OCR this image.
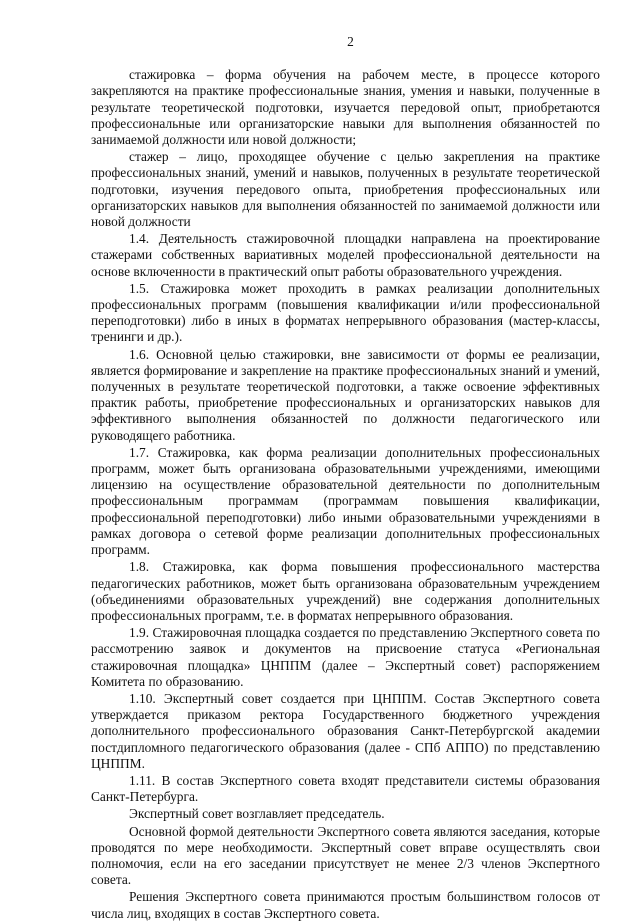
2

стажировка – форма обучения на рабочем месте, в процессе которого закрепляются на практике профессиональные знания, умения и навыки, полученные в результате теоретической подготовки, изучается передовой опыт, приобретаются профессиональные или организаторские навыки для выполнения обязанностей по занимаемой должности или новой должности;

стажер – лицо, проходящее обучение с целью закрепления на практике профессиональных знаний, умений и навыков, полученных в результате теоретической подготовки, изучения передового опыта, приобретения профессиональных или организаторских навыков для выполнения обязанностей по занимаемой должности или новой должности

1.4. Деятельность стажировочной площадки направлена на проектирование стажерами собственных вариативных моделей профессиональной деятельности на основе включенности в практический опыт работы образовательного учреждения.

1.5. Стажировка может проходить в рамках реализации дополнительных профессиональных программ (повышения квалификации и/или профессиональной переподготовки) либо в иных в форматах непрерывного образования (мастер-классы, тренинги и др.).

1.6. Основной целью стажировки, вне зависимости от формы ее реализации, является формирование и закрепление на практике профессиональных знаний и умений, полученных в результате теоретической подготовки, а также освоение эффективных практик работы, приобретение профессиональных и организаторских навыков для эффективного выполнения обязанностей по должности педагогического или руководящего работника.

1.7. Стажировка, как форма реализации дополнительных профессиональных программ, может быть организована образовательными учреждениями, имеющими лицензию на осуществление образовательной деятельности по дополнительным профессиональным программам (программам повышения квалификации, профессиональной переподготовки) либо иными образовательными учреждениями в рамках договора о сетевой форме реализации дополнительных профессиональных программ.

1.8. Стажировка, как форма повышения профессионального мастерства педагогических работников, может быть организована образовательным учреждением (объединениями образовательных учреждений) вне содержания дополнительных профессиональных программ, т.е. в форматах непрерывного образования.

1.9. Стажировочная площадка создается по представлению Экспертного совета по рассмотрению заявок и документов на присвоение статуса «Региональная стажировочная площадка» ЦНППМ (далее – Экспертный совет) распоряжением Комитета по образованию.

1.10. Экспертный совет создается при ЦНППМ. Состав Экспертного совета утверждается приказом ректора Государственного бюджетного учреждения дополнительного профессионального образования Санкт-Петербургской академии постдипломного педагогического образования (далее - СПб АППО) по представлению ЦНППМ.

1.11. В состав Экспертного совета входят представители системы образования Санкт-Петербурга.

Экспертный совет возглавляет председатель.

Основной формой деятельности Экспертного совета являются заседания, которые проводятся по мере необходимости. Экспертный совет вправе осуществлять свои полномочия, если на его заседании присутствует не менее 2/3 членов Экспертного совета.

Решения Экспертного совета принимаются простым большинством голосов от числа лиц, входящих в состав Экспертного совета.
